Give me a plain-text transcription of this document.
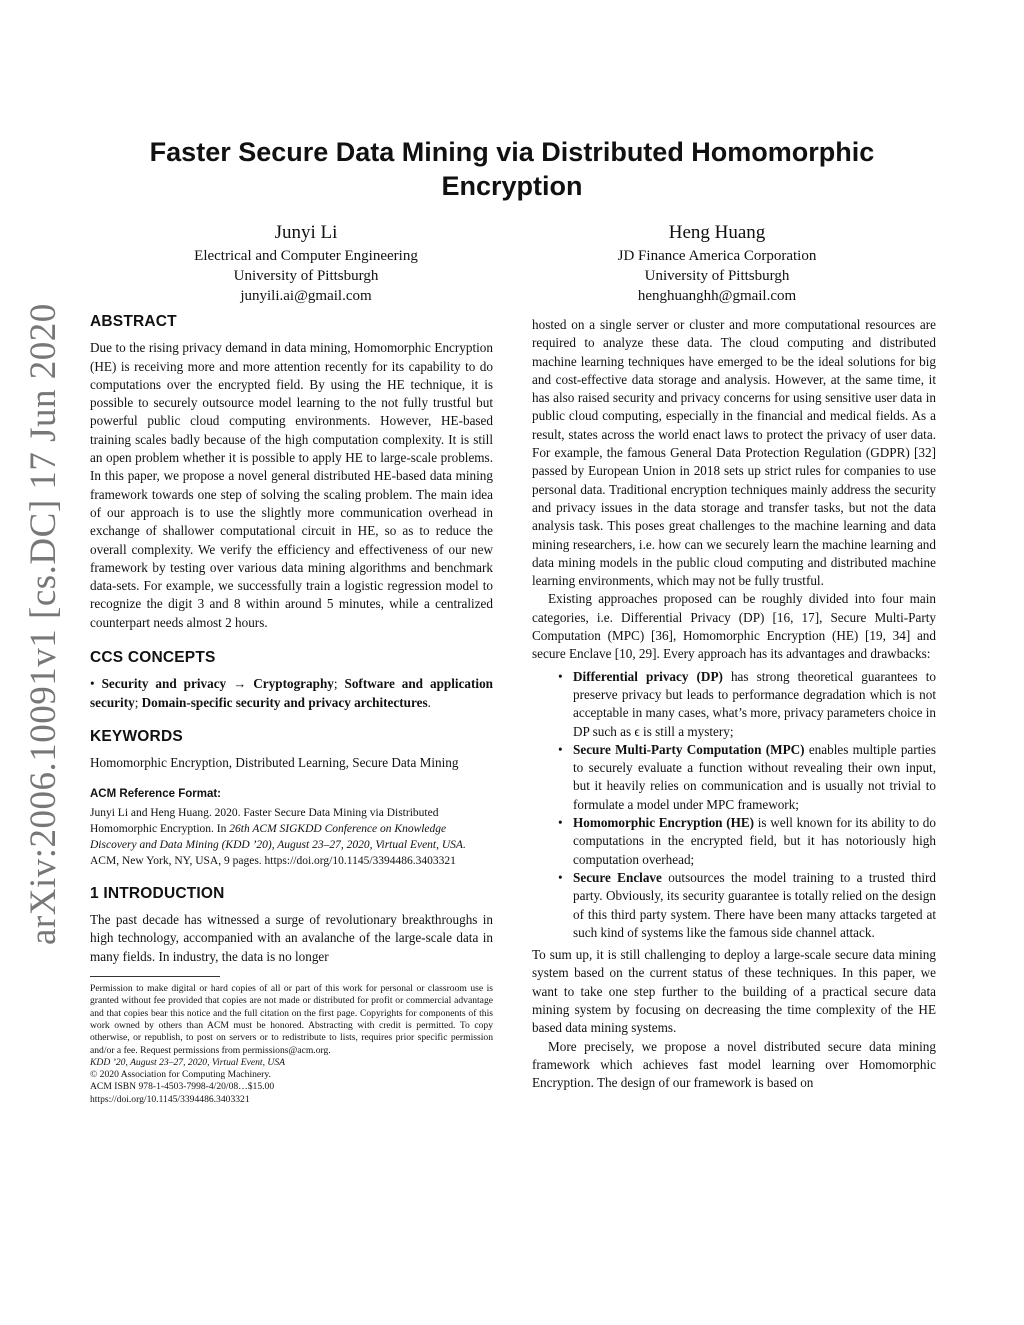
arXiv:2006.10091v1 [cs.DC] 17 Jun 2020
Faster Secure Data Mining via Distributed Homomorphic Encryption
Junyi Li
Electrical and Computer Engineering
University of Pittsburgh
junyili.ai@gmail.com
Heng Huang
JD Finance America Corporation
University of Pittsburgh
henghuanghh@gmail.com
ABSTRACT

Due to the rising privacy demand in data mining, Homomorphic Encryption (HE) is receiving more and more attention recently for its capability to do computations over the encrypted field. By using the HE technique, it is possible to securely outsource model learning to the not fully trustful but powerful public cloud computing environments. However, HE-based training scales badly because of the high computation complexity. It is still an open problem whether it is possible to apply HE to large-scale problems. In this paper, we propose a novel general distributed HE-based data mining framework towards one step of solving the scaling problem. The main idea of our approach is to use the slightly more communication overhead in exchange of shallower computational circuit in HE, so as to reduce the overall complexity. We verify the efficiency and effectiveness of our new framework by testing over various data mining algorithms and benchmark data-sets. For example, we successfully train a logistic regression model to recognize the digit 3 and 8 within around 5 minutes, while a centralized counterpart needs almost 2 hours.

CCS CONCEPTS

• Security and privacy → Cryptography; Software and application security; Domain-specific security and privacy architectures.

KEYWORDS

Homomorphic Encryption, Distributed Learning, Secure Data Mining

ACM Reference Format:

Junyi Li and Heng Huang. 2020. Faster Secure Data Mining via Distributed Homomorphic Encryption. In 26th ACM SIGKDD Conference on Knowledge Discovery and Data Mining (KDD ’20), August 23–27, 2020, Virtual Event, USA. ACM, New York, NY, USA, 9 pages. https://doi.org/10.1145/3394486.3403321

1 INTRODUCTION

The past decade has witnessed a surge of revolutionary breakthroughs in high technology, accompanied with an avalanche of the large-scale data in many fields. In industry, the data is no longer

Permission to make digital or hard copies of all or part of this work for personal or classroom use is granted without fee provided that copies are not made or distributed for profit or commercial advantage and that copies bear this notice and the full citation on the first page. Copyrights for components of this work owned by others than ACM must be honored. Abstracting with credit is permitted. To copy otherwise, or republish, to post on servers or to redistribute to lists, requires prior specific permission and/or a fee. Request permissions from permissions@acm.org.

KDD ’20, August 23–27, 2020, Virtual Event, USA

© 2020 Association for Computing Machinery.

ACM ISBN 978-1-4503-7998-4/20/08…$15.00

https://doi.org/10.1145/3394486.3403321

hosted on a single server or cluster and more computational resources are required to analyze these data. The cloud computing and distributed machine learning techniques have emerged to be the ideal solutions for big and cost-effective data storage and analysis. However, at the same time, it has also raised security and privacy concerns for using sensitive user data in public cloud computing, especially in the financial and medical fields. As a result, states across the world enact laws to protect the privacy of user data. For example, the famous General Data Protection Regulation (GDPR) [32] passed by European Union in 2018 sets up strict rules for companies to use personal data. Traditional encryption techniques mainly address the security and privacy issues in the data storage and transfer tasks, but not the data analysis task. This poses great challenges to the machine learning and data mining researchers, i.e. how can we securely learn the machine learning and data mining models in the public cloud computing and distributed machine learning environments, which may not be fully trustful.

Existing approaches proposed can be roughly divided into four main categories, i.e. Differential Privacy (DP) [16, 17], Secure Multi-Party Computation (MPC) [36], Homomorphic Encryption (HE) [19, 34] and secure Enclave [10, 29]. Every approach has its advantages and drawbacks:

• Differential privacy (DP) has strong theoretical guarantees to preserve privacy but leads to performance degradation which is not acceptable in many cases, what’s more, privacy parameters choice in DP such as ϵ is still a mystery;
• Secure Multi-Party Computation (MPC) enables multiple parties to securely evaluate a function without revealing their own input, but it heavily relies on communication and is usually not trivial to formulate a model under MPC framework;
• Homomorphic Encryption (HE) is well known for its ability to do computations in the encrypted field, but it has notoriously high computation overhead;
• Secure Enclave outsources the model training to a trusted third party. Obviously, its security guarantee is totally relied on the design of this third party system. There have been many attacks targeted at such kind of systems like the famous side channel attack.

To sum up, it is still challenging to deploy a large-scale secure data mining system based on the current status of these techniques. In this paper, we want to take one step further to the building of a practical secure data mining system by focusing on decreasing the time complexity of the HE based data mining systems.

More precisely, we propose a novel distributed secure data mining framework which achieves fast model learning over Homomorphic Encryption. The design of our framework is based on
